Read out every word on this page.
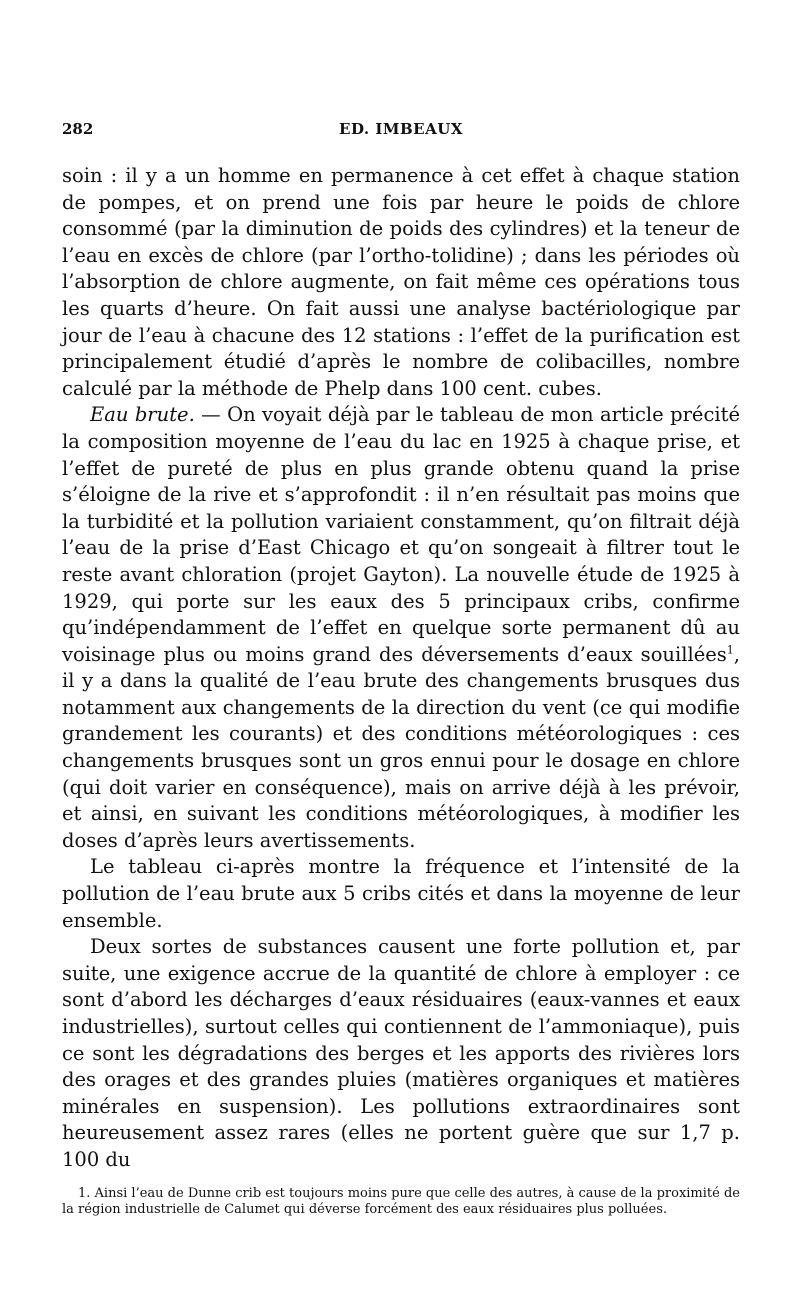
282	ED. IMBEAUX

soin : il y a un homme en permanence à cet effet à chaque station de pompes, et on prend une fois par heure le poids de chlore consommé (par la diminution de poids des cylindres) et la teneur de l’eau en excès de chlore (par l’ortho-tolidine) ; dans les périodes où l’absorption de chlore augmente, on fait même ces opérations tous les quarts d’heure. On fait aussi une analyse bactériologique par jour de l’eau à chacune des 12 stations : l’effet de la purification est principalement étudié d’après le nombre de colibacilles, nombre calculé par la méthode de Phelp dans 100 cent. cubes.

Eau brute. — On voyait déjà par le tableau de mon article précité la composition moyenne de l’eau du lac en 1925 à chaque prise, et l’effet de pureté de plus en plus grande obtenu quand la prise s’éloigne de la rive et s’approfondit : il n’en résultait pas moins que la turbidité et la pollution variaient constamment, qu’on filtrait déjà l’eau de la prise d’East Chicago et qu’on songeait à filtrer tout le reste avant chloration (projet Gayton). La nouvelle étude de 1925 à 1929, qui porte sur les eaux des 5 principaux cribs, confirme qu’indépendamment de l’effet en quelque sorte permanent dû au voisinage plus ou moins grand des déversements d’eaux souillées$^1$, il y a dans la qualité de l’eau brute des changements brusques dus notamment aux changements de la direction du vent (ce qui modifie grandement les courants) et des conditions météorologiques : ces changements brusques sont un gros ennui pour le dosage en chlore (qui doit varier en conséquence), mais on arrive déjà à les prévoir, et ainsi, en suivant les conditions météorologiques, à modifier les doses d’après leurs avertissements.

Le tableau ci-après montre la fréquence et l’intensité de la pollution de l’eau brute aux 5 cribs cités et dans la moyenne de leur ensemble.

Deux sortes de substances causent une forte pollution et, par suite, une exigence accrue de la quantité de chlore à employer : ce sont d’abord les décharges d’eaux résiduaires (eaux-vannes et eaux industrielles), surtout celles qui contiennent de l’ammoniaque), puis ce sont les dégradations des berges et les apports des rivières lors des orages et des grandes pluies (matières organiques et matières minérales en suspension). Les pollutions extraordinaires sont heureusement assez rares (elles ne portent guère que sur 1,7 p. 100 du

1. Ainsi l’eau de Dunne crib est toujours moins pure que celle des autres, à cause de la proximité de la région industrielle de Calumet qui déverse forcément des eaux résiduaires plus polluées.
